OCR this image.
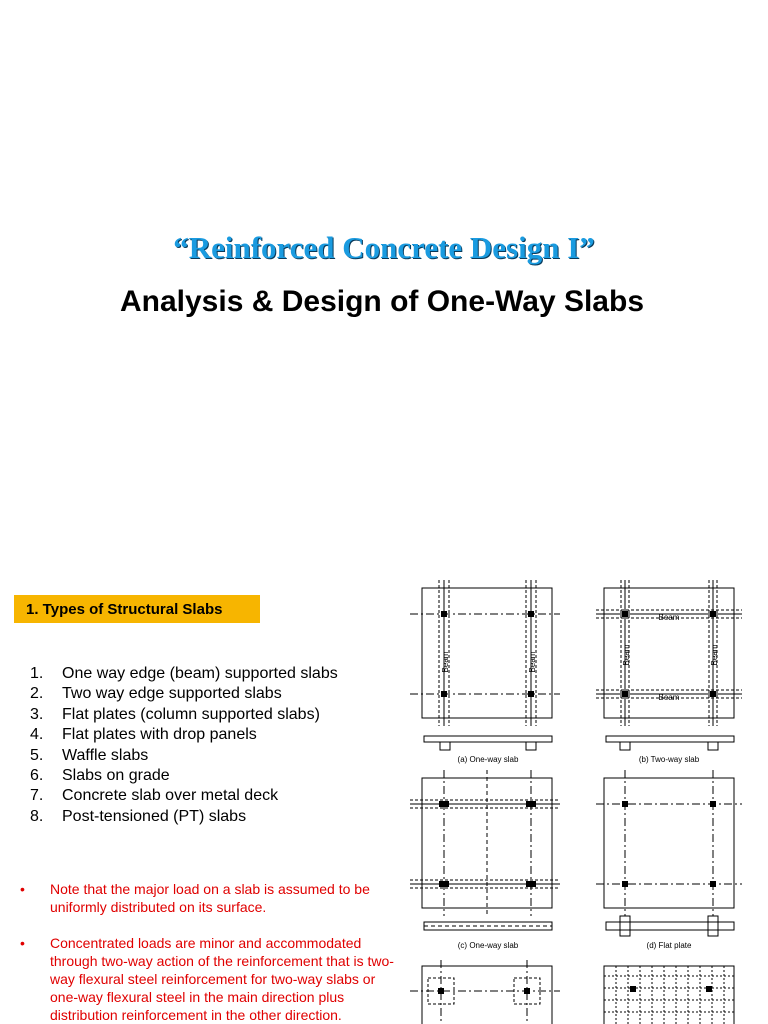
“Reinforced Concrete Design I”
Analysis & Design of One-Way Slabs
1. Types of Structural Slabs
1. One way edge (beam) supported slabs
2. Two way edge supported slabs
3. Flat plates (column supported slabs)
4. Flat plates with drop panels
5. Waffle slabs
6. Slabs on grade
7. Concrete slab over metal deck
8. Post-tensioned (PT) slabs
• Note that the major load on a slab is assumed to be uniformly distributed on its surface.
• Concentrated loads are minor and accommodated through two-way action of the reinforcement that is two-way flexural steel reinforcement for two-way slabs or one-way flexural steel in the main direction plus distribution reinforcement in the other direction.
Beam	Beam
Beam
Beam
Beam	Beam
(a) One-way slab	(b) Two-way slab
(c) One-way slab	(d) Flat plate
